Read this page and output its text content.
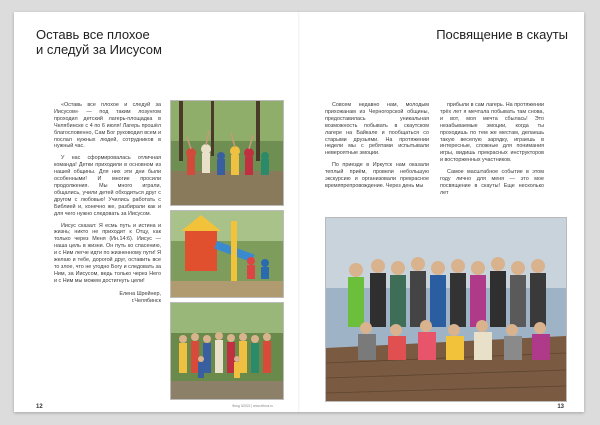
Оставь все плохое
и следуй за Иисусом

«Оставь все плохое и следуй за Иисусом» — под таким лозунгом проходил детский лагерь-площадка в Челябинске с 4 по 6 июля! Лагерь прошёл благословенно, Сам Бог руководил всем и послал нужных людей, сотрудников в нужный час.

У нас сформировалась отличная команда! Детки приходили в основном из нашей общины. Для них эти дни были особенными! И многие просили продолжения. Мы много играли, общались, учили детей обходиться друг с другом с любовью! Учились работать с Библией и, конечно же, разбирали как и для чего нужно следовать за Иисусом.

Иисус сказал: Я есмь путь и истина и жизнь; никто не приходит к Отцу, как только через Меня (Ин.14:6). Иисус — наша цель в жизни. Он путь ко спасению, и с Ним легче идти по жизненному пути! Я желаю и тебе, дорогой друг, оставить все то злое, что не угодно Богу и следовать за Ним, за Иисусом, ведь только через Него и с Ним мы можем достигнуть цели!

Елена Шрейнер,
г.Челябинск

Фонд 3/2022 | www.elbrus.ru
12
Посвящение в скауты

Совсем недавно нам, молодым прихожанам из Черногорской общины, предоставилась уникальная возможность побывать в скаутском лагере на Байкале и пообщаться со старыми друзьями. На протяжении недели мы с ребятами испытывали невероятные эмоции.

По приезде в Иркутск нам оказали теплый приём, провели небольшую экскурсию и организовали прекрасное времяпрепровождение. Через день мы

прибыли в сам лагерь. На протяжении трёх лет я мечтала побывать там снова, и вот, моя мечта сбылась! Это незабываемые эмоции, когда ты проходишь по тем же местам, делаешь такую веселую зарядку, играешь в интересные, сложные для понимания игры, видишь прекрасных инструкторов и восторженных участников.

Самое масштабное событие в этом году лично для меня — это мое посвящение в скауты! Еще несколько лет

13
